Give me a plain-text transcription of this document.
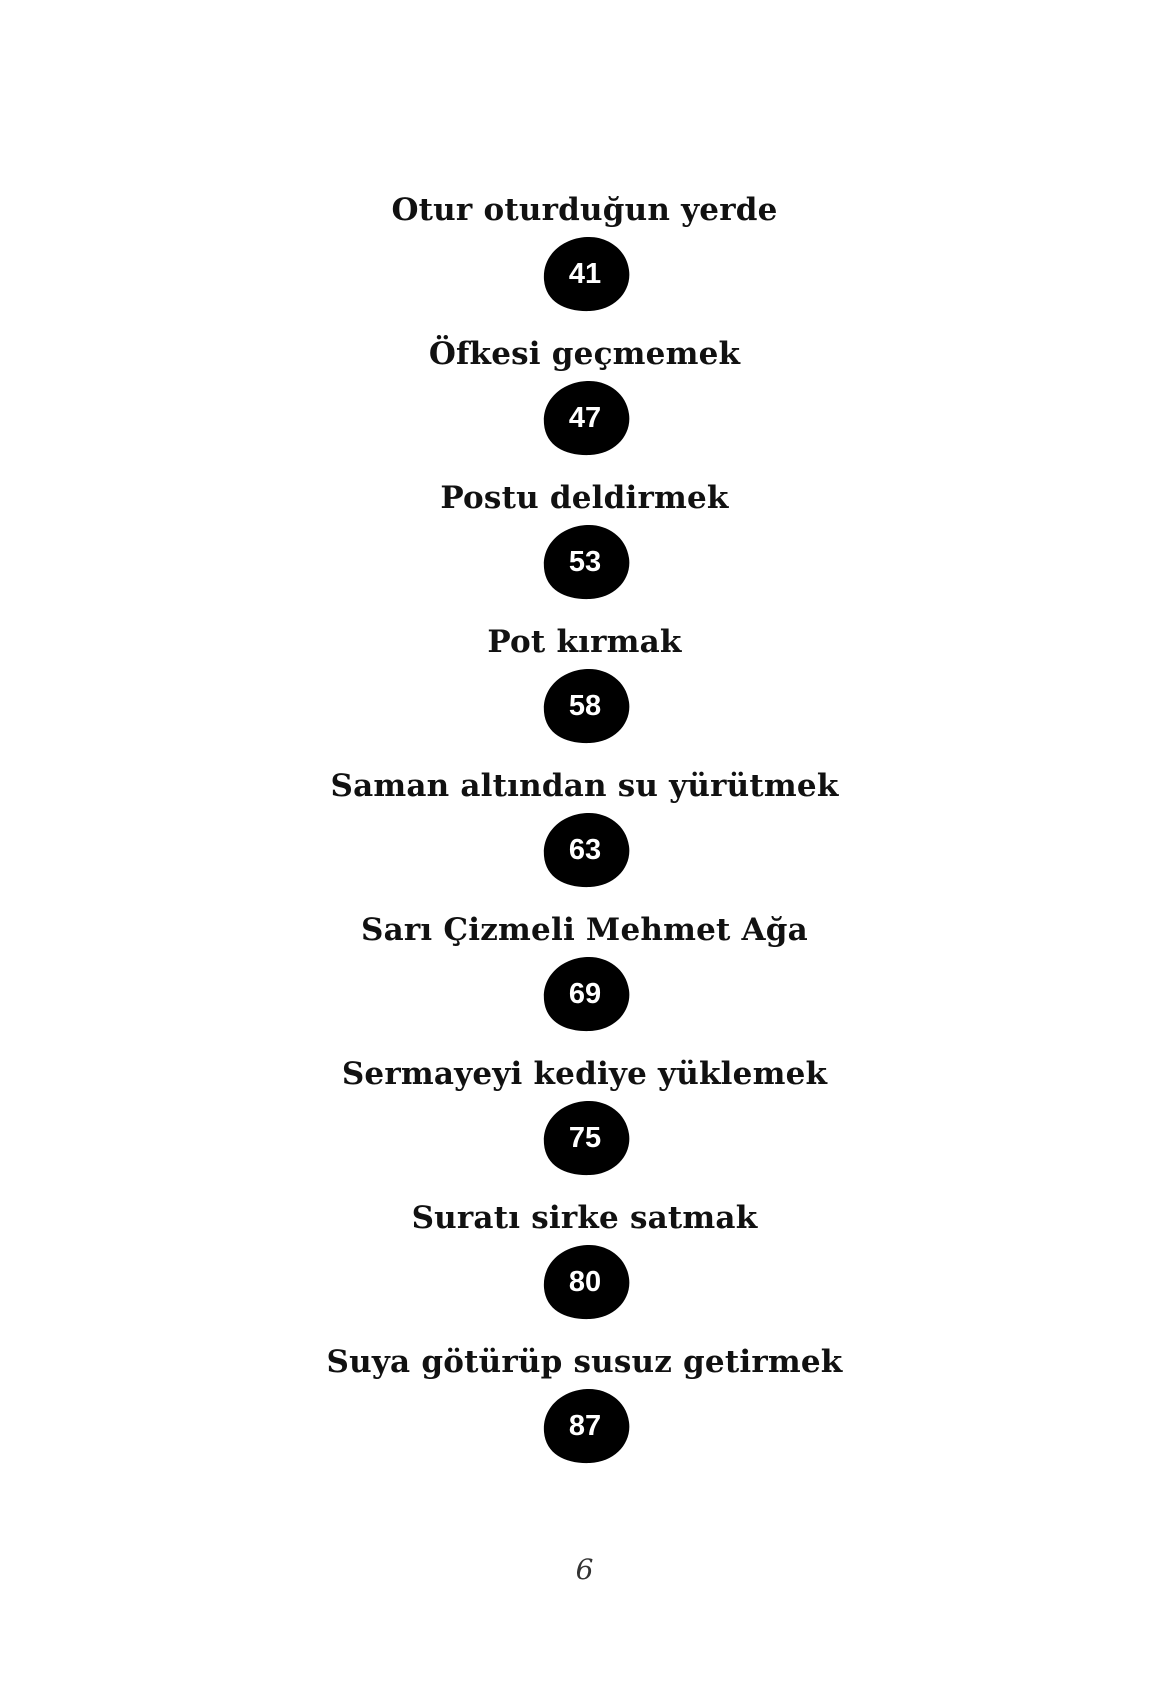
Otur oturduğun yerde
41
Öfkesi geçmemek
47
Postu deldirmek
53
Pot kırmak
58
Saman altından su yürütmek
63
Sarı Çizmeli Mehmet Ağa
69
Sermayeyi kediye yüklemek
75
Suratı sirke satmak
80
Suya götürüp susuz getirmek
87
6
